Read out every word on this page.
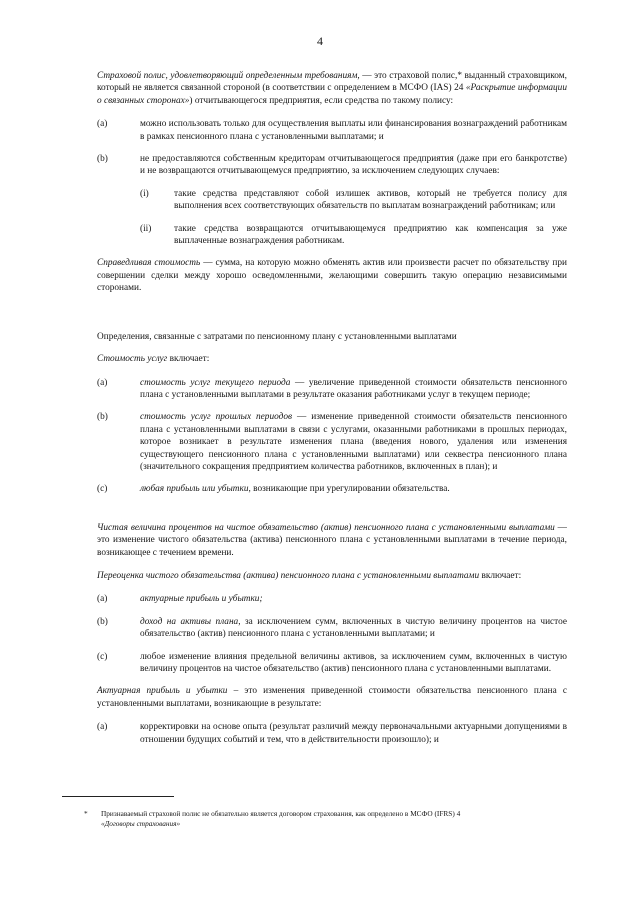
4

Страховой полис, удовлетворяющий определенным требованиям, — это страховой полис,* выданный страховщиком, который не является связанной стороной (в соответствии с определением в МСФО (IAS) 24 «Раскрытие информации о связанных сторонах») отчитывающегося предприятия, если средства по такому полису:

(a)	можно использовать только для осуществления выплаты или финансирования вознаграждений работникам в рамках пенсионного плана с установленными выплатами; и
(b)	не предоставляются собственным кредиторам отчитывающегося предприятия (даже при его банкротстве) и не возвращаются отчитывающемуся предприятию, за исключением следующих случаев:
(i)	такие средства представляют собой излишек активов, который не требуется полису для выполнения всех соответствующих обязательств по выплатам вознаграждений работникам; или
(ii) такие средства возвращаются отчитывающемуся предприятию как компенсация за уже выплаченные вознаграждения работникам.

Справедливая стоимость — сумма, на которую можно обменять актив или произвести расчет по обязательству при совершении сделки между хорошо осведомленными, желающими совершить такую операцию независимыми сторонами.

Определения, связанные с затратами по пенсионному плану с установленными выплатами

Стоимость услуг включает:

(a)	стоимость услуг текущего периода — увеличение приведенной стоимости обязательств пенсионного плана с установленными выплатами в результате оказания работниками услуг в текущем периоде;
(b)	стоимость услуг прошлых периодов — изменение приведенной стоимости обязательств пенсионного плана с установленными выплатами в связи с услугами, оказанными работниками в прошлых периодах, которое возникает в результате изменения плана (введения нового, удаления или изменения существующего пенсионного плана с установленными выплатами) или секвестра пенсионного плана (значительного сокращения предприятием количества работников, включенных в план); и
(c)	любая прибыль или убытки, возникающие при урегулировании обязательства.

Чистая величина процентов на чистое обязательство (актив) пенсионного плана с установленными выплатами — это изменение чистого обязательства (актива) пенсионного плана с установленными выплатами в течение периода, возникающее с течением времени.

Переоценка чистого обязательства (актива) пенсионного плана с установленными выплатами включает:

(a)	актуарные прибыль и убытки;
(b)	доход на активы плана, за исключением сумм, включенных в чистую величину процентов на чистое обязательство (актив) пенсионного плана с установленными выплатами; и
(c)	любое изменение влияния предельной величины активов, за исключением сумм, включенных в чистую величину процентов на чистое обязательство (актив) пенсионного плана с установленными выплатами.

Актуарная прибыль и убытки – это изменения приведенной стоимости обязательства пенсионного плана с установленными выплатами, возникающие в результате:

(a)	корректировки на основе опыта (результат различий между первоначальными актуарными допущениями в отношении будущих событий и тем, что в действительности произошло); и
*	Признаваемый страховой полис не обязательно является договором страхования, как определено в МСФО (IFRS) 4
«Договоры страхования»
